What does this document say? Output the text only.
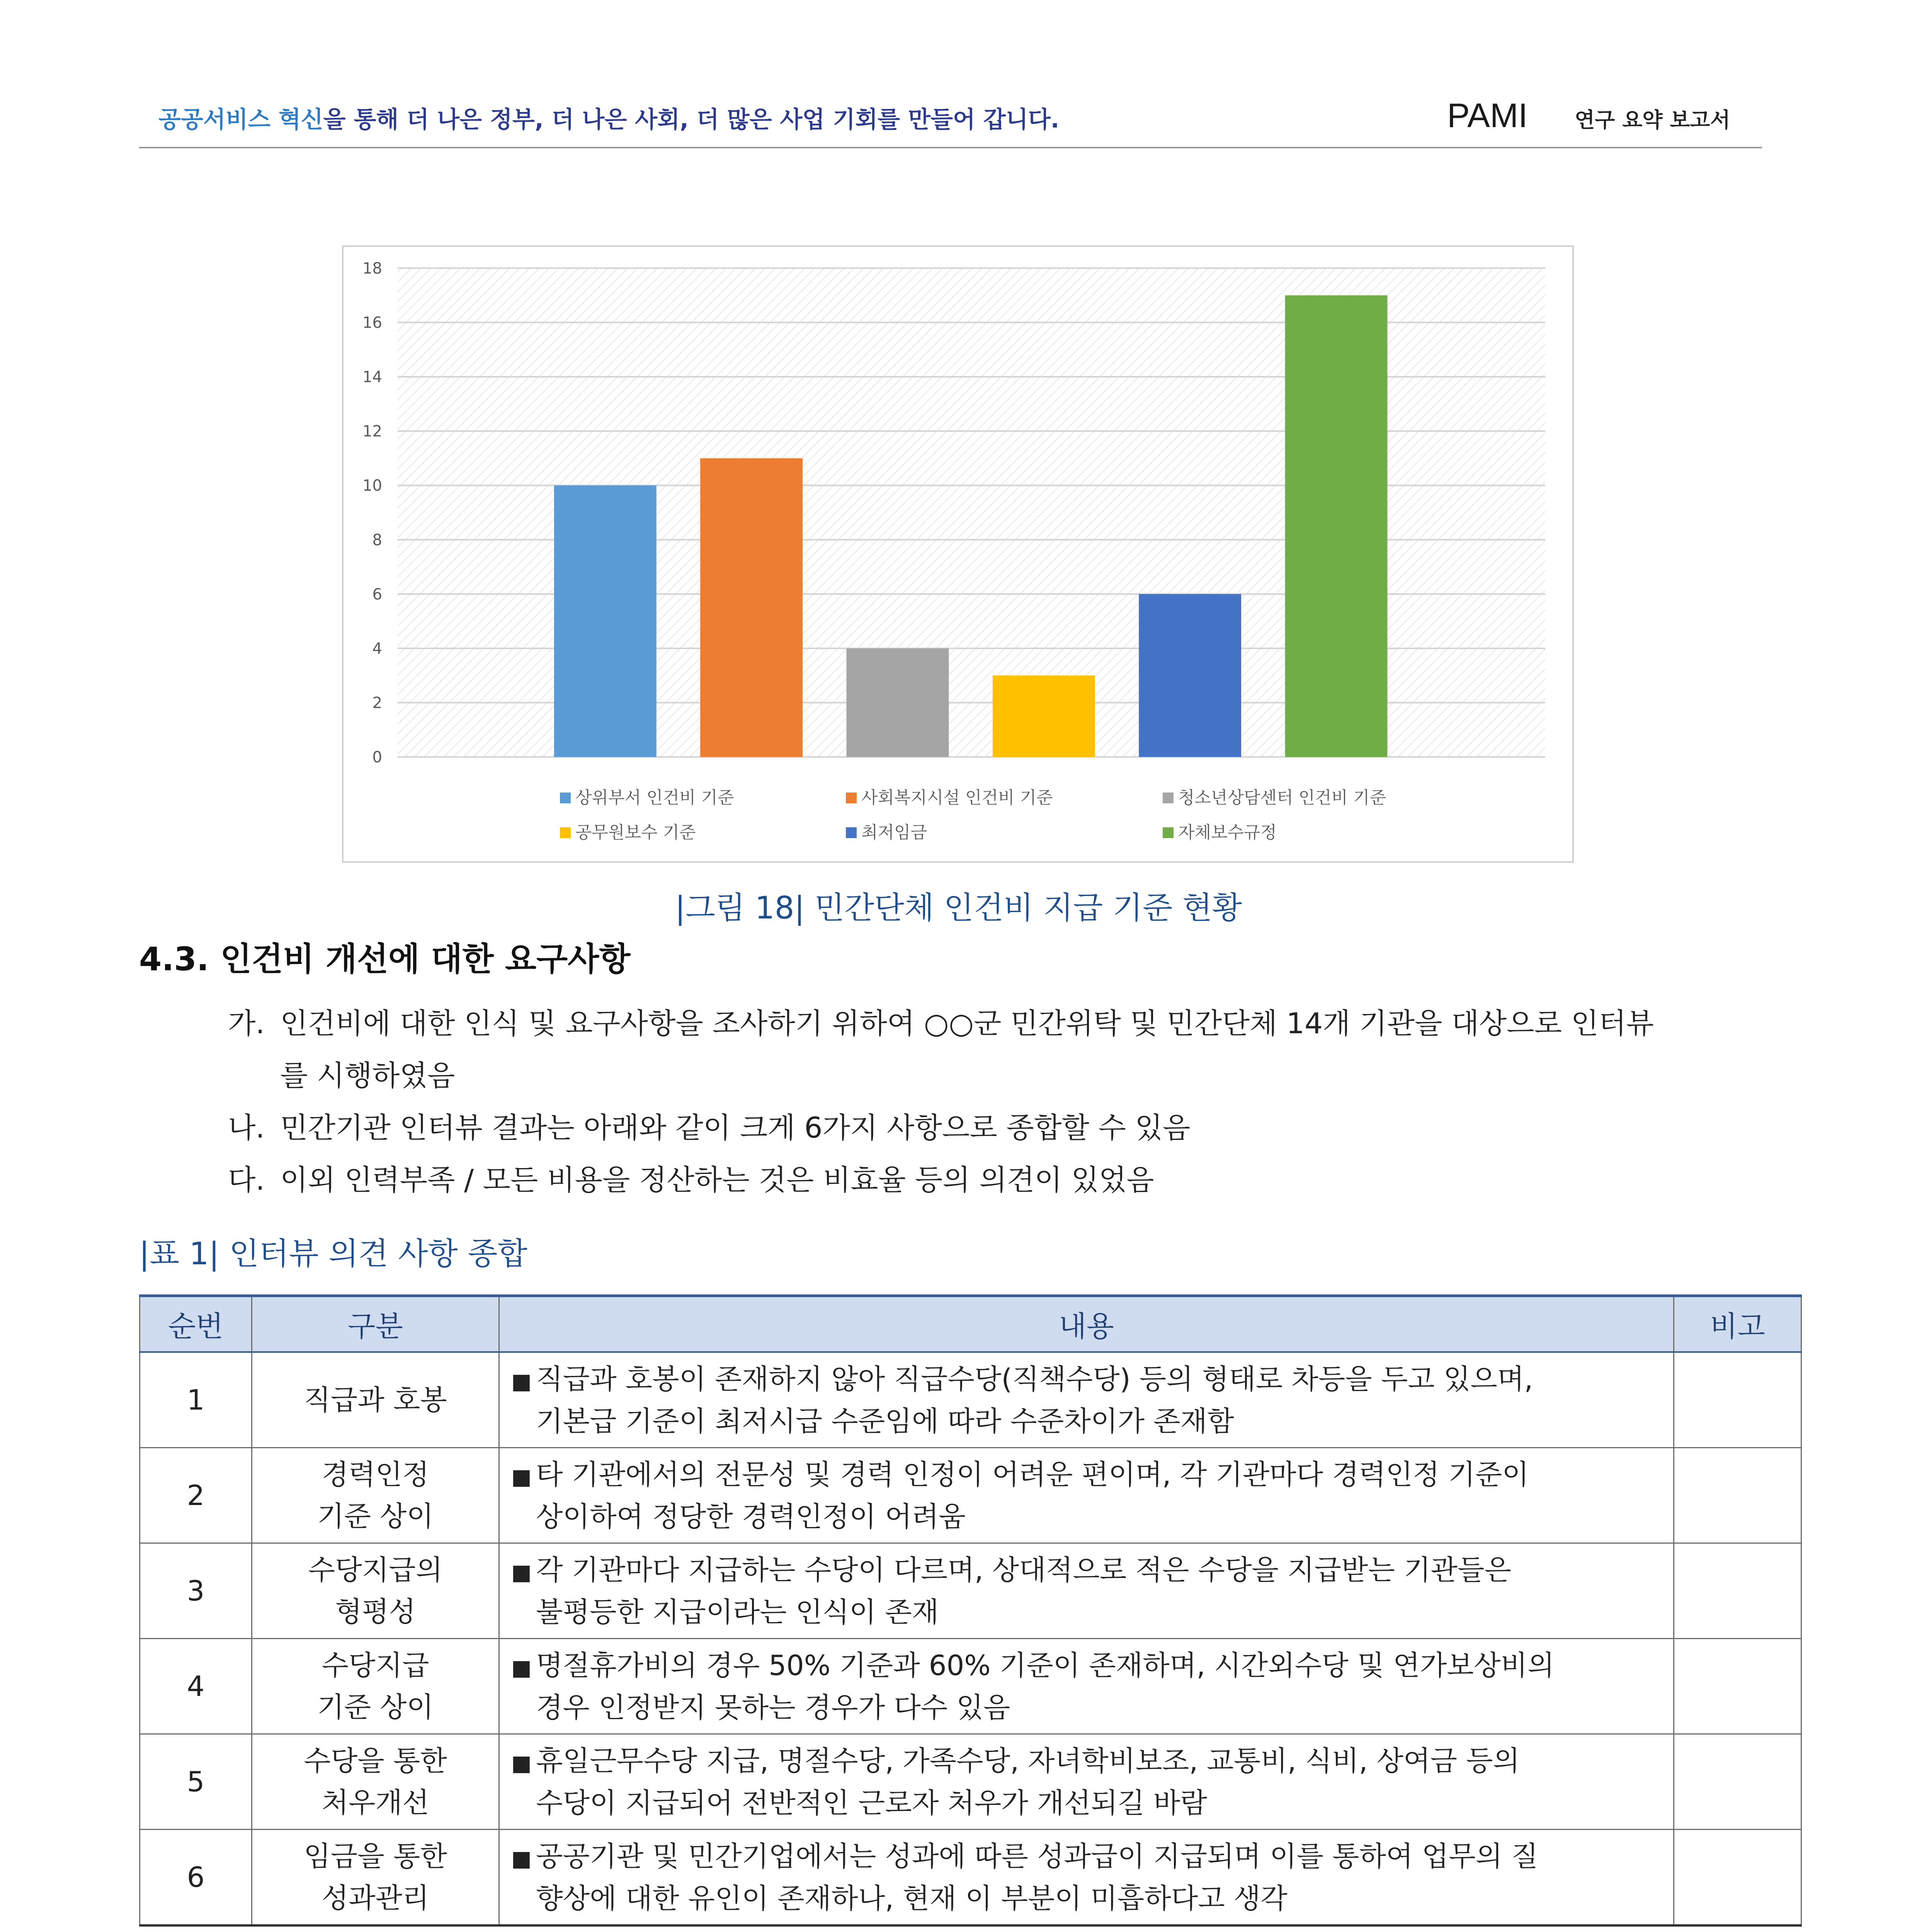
공공서비스 혁신을 통해 더 나은 정부, 더 나은 사회, 더 많은 사업 기회를 만들어 갑니다.	PAMI 연구 요약 보고서
0
2
4
6
8
10
12
14
16
18
상위부서 인건비 기준	사회복지시설 인건비 기준	청소년상담센터 인건비 기준
공무원보수 기준	최저임금	자체보수규정
|그림 18| 민간단체 인건비 지급 기준 현황
4.3. 인건비 개선에 대한 요구사항
가. 인건비에 대한 인식 및 요구사항을 조사하기 위하여 ○○군 민간위탁 및 민간단체 14개 기관을 대상으로 인터뷰
를 시행하였음
나. 민간기관 인터뷰 결과는 아래와 같이 크게 6가지 사항으로 종합할 수 있음
다. 이외 인력부족 / 모든 비용을 정산하는 것은 비효율 등의 의견이 있었음
|표 1| 인터뷰 의견 사항 종합
순번	구분	내용	비고
1	직급과 호봉	■ 직급과 호봉이 존재하지 않아 직급수당(직책수당) 등의 형태로 차등을 두고 있으며,
기본급 기준이 최저시급 수준임에 따라 수준차이가 존재함	

2	경력인정
기준 상이	■ 타 기관에서의 전문성 및 경력 인정이 어려운 편이며, 각 기관마다 경력인정 기준이
상이하여 정당한 경력인정이 어려움	

3	수당지급의
형평성	■ 각 기관마다 지급하는 수당이 다르며, 상대적으로 적은 수당을 지급받는 기관들은
불평등한 지급이라는 인식이 존재	

4	수당지급
기준 상이	■ 명절휴가비의 경우 50% 기준과 60% 기준이 존재하며, 시간외수당 및 연가보상비의
경우 인정받지 못하는 경우가 다수 있음	

5	수당을 통한
처우개선	■ 휴일근무수당 지급, 명절수당, 가족수당, 자녀학비보조, 교통비, 식비, 상여금 등의
수당이 지급되어 전반적인 근로자 처우가 개선되길 바람	

6	임금을 통한
성과관리	■ 공공기관 및 민간기업에서는 성과에 따른 성과급이 지급되며 이를 통하여 업무의 질
향상에 대한 유인이 존재하나, 현재 이 부분이 미흡하다고 생각	
